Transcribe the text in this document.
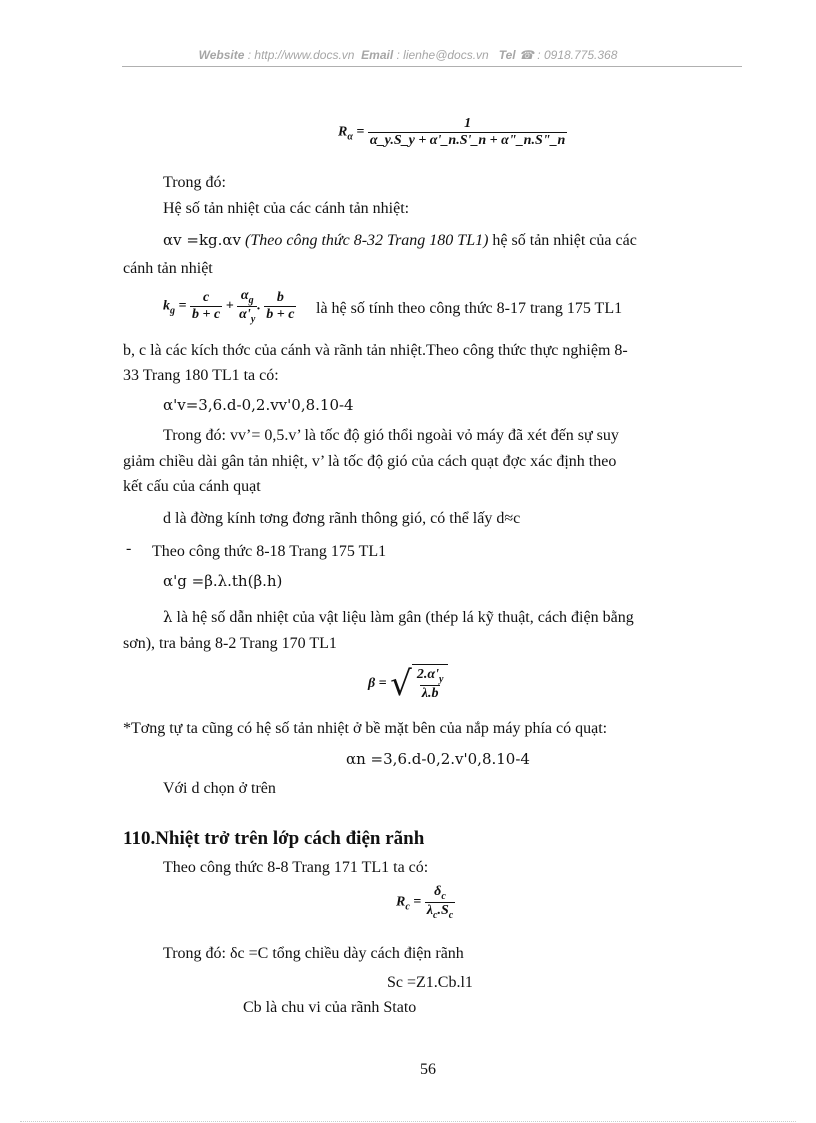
Website : http://www.docs.vn Email : lienhe@docs.vn Tel ☎ : 0918.775.368
$R_\alpha = \frac{1}{\alpha\_y.S\_y + \alpha'\_n.S'\_n + \alpha"\_n.S"\_n}$
Trong đó:
Hệ số tản nhiệt của các cánh tản nhiệt:
αv =kg.αv (Theo công thức 8-32 Trang 180 TL1) hệ số tản nhiệt của các
cánh tản nhiệt
$k_g = \frac{c}{b + c} + \frac{\alpha_g}{\alpha'_y}$ . $\frac{b}{b + c}$ là hệ số tính theo công thức 8-17 trang 175 TL1
b, c là các kích thớc của cánh và rãnh tản nhiệt.Theo công thức thực nghiệm 8-
33 Trang 180 TL1 ta có:
α'v=3,6.d-0,2.vv'0,8.10-4
Trong đó: vv’= 0,5.v’ là tốc độ gió thổi ngoài vỏ máy đã xét đến sự suy
giảm chiều dài gân tản nhiệt, v’ là tốc độ gió của cách quạt đợc xác định theo
kết cấu của cánh quạt
d là đờng kính tơng đơng rãnh thông gió, có thể lấy d≈c
- Theo công thức 8-18 Trang 175 TL1
α'g =β.λ.th(β.h)
λ là hệ số dẫn nhiệt của vật liệu làm gân (thép lá kỹ thuật, cách điện bằng
sơn), tra bảng 8-2 Trang 170 TL1
β = √ $\frac{2.\alpha'_y}{\lambda.b}$
*Tơng tự ta cũng có hệ số tản nhiệt ở bề mặt bên của nắp máy phía có quạt:
αn =3,6.d-0,2.v'0,8.10-4
Với d chọn ở trên
110.Nhiệt trở trên lớp cách điện rãnh
Theo công thức 8-8 Trang 171 TL1 ta có:
$R_c = \frac{\delta_c}{\lambda_c.S_c}$
Trong đó: δc =C tổng chiều dày cách điện rãnh
Sc =Z1.Cb.l1
Cb là chu vi của rãnh Stato
56
